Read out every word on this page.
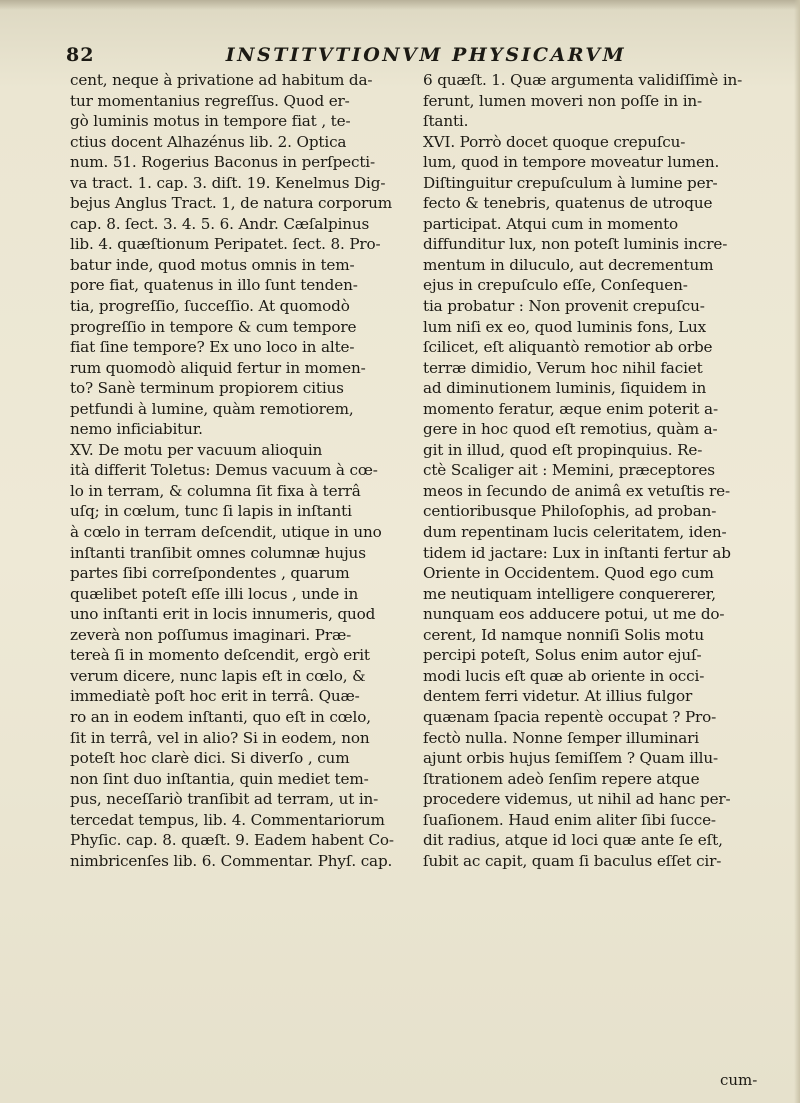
82	INSTITVTIONVM PHYSICARVM
cent, neque à privatione ad habitum da-
tur momentanius regreſſus. Quod er-
gò luminis motus in tempore fiat , te-
ctius docent Alhazénus lib. 2. Optica
num. 51. Rogerius Baconus in perſpecti-
va tract. 1. cap. 3. diſt. 19. Kenelmus Dig-
bejus Anglus Tract. 1, de natura corporum
cap. 8. ſect. 3. 4. 5. 6. Andr. Cæſalpinus
lib. 4. quæſtionum Peripatet. ſect. 8. Pro-
batur inde, quod motus omnis in tem-
pore fiat, quatenus in illo ſunt tenden-
tia, progreſſio, ſucceſſio. At quomodò
progreſſio in tempore & cum tempore
fiat ſine tempore? Ex uno loco in alte-
rum quomodò aliquid fertur in momen-
to? Sanè terminum propiorem citius
petfundi à lumine, quàm remotiorem,
nemo inficiabitur.
XV. De motu per vacuum alioquin
ità differit Toletus: Demus vacuum à cœ-
lo in terram, & columna ſit fixa à terrâ
uſq; in cœlum, tunc ſi lapis in inſtanti
à cœlo in terram deſcendit, utique in uno
inſtanti tranſibit omnes columnæ hujus
partes ſibi correſpondentes , quarum
quælibet poteſt eſſe illi locus , unde in
uno inſtanti erit in locis innumeris, quod
zeverà non poſſumus imaginari. Præ-
tereà ſi in momento deſcendit, ergò erit
verum dicere, nunc lapis eſt in cœlo, &
immediatè poſt hoc erit in terrâ. Quæ-
ro an in eodem inſtanti, quo eſt in cœlo,
ſit in terrâ, vel in alio? Si in eodem, non
poteſt hoc clarè dici. Si diverſo , cum
non ſint duo inſtantia, quin mediet tem-
pus, neceſſariò tranſibit ad terram, ut in-
tercedat tempus, lib. 4. Commentariorum
Phyſic. cap. 8. quæſt. 9. Eadem habent Co-
nimbricenſes lib. 6. Commentar. Phyſ. cap.
6 quæſt. 1. Quæ argumenta validiſſimè in-
ferunt, lumen moveri non poſſe in in-
ſtanti.
XVI. Porrò docet quoque crepuſcu-
lum, quod in tempore moveatur lumen.
Diſtinguitur crepuſculum à lumine per-
fecto & tenebris, quatenus de utroque
participat. Atqui cum in momento
diffunditur lux, non poteſt luminis incre-
mentum in diluculo, aut decrementum
ejus in crepuſculo eſſe, Conſequen-
tia probatur : Non provenit crepuſcu-
lum niſi ex eo, quod luminis fons, Lux
ſcilicet, eſt aliquantò remotior ab orbe
terræ dimidio, Verum hoc nihil faciet
ad diminutionem luminis, ſiquidem in
momento feratur, æque enim poterit a-
gere in hoc quod eſt remotius, quàm a-
git in illud, quod eſt propinquius. Re-
ctè Scaliger ait : Memini, præceptores
meos in ſecundo de animâ ex vetuſtis re-
centioribusque Philoſophis, ad proban-
dum repentinam lucis celeritatem, iden-
tidem id jactare: Lux in inſtanti fertur ab
Oriente in Occidentem. Quod ego cum
me neutiquam intelligere conquererer,
nunquam eos adducere potui, ut me do-
cerent, Id namque nonniſi Solis motu
percipi poteſt, Solus enim autor ejuſ-
modi lucis eſt quæ ab oriente in occi-
dentem ferri videtur. At illius fulgor
quænam ſpacia repentè occupat ? Pro-
fectò nulla. Nonne ſemper illuminari
ajunt orbis hujus ſemiſſem ? Quam illu-
ſtrationem adeò ſenſim repere atque
procedere videmus, ut nihil ad hanc per-
ſuaſionem. Haud enim aliter ſibi ſucce-
dit radius, atque id loci quæ ante ſe eſt,
ſubit ac capit, quam ſi baculus eſſet cir-
cum-
